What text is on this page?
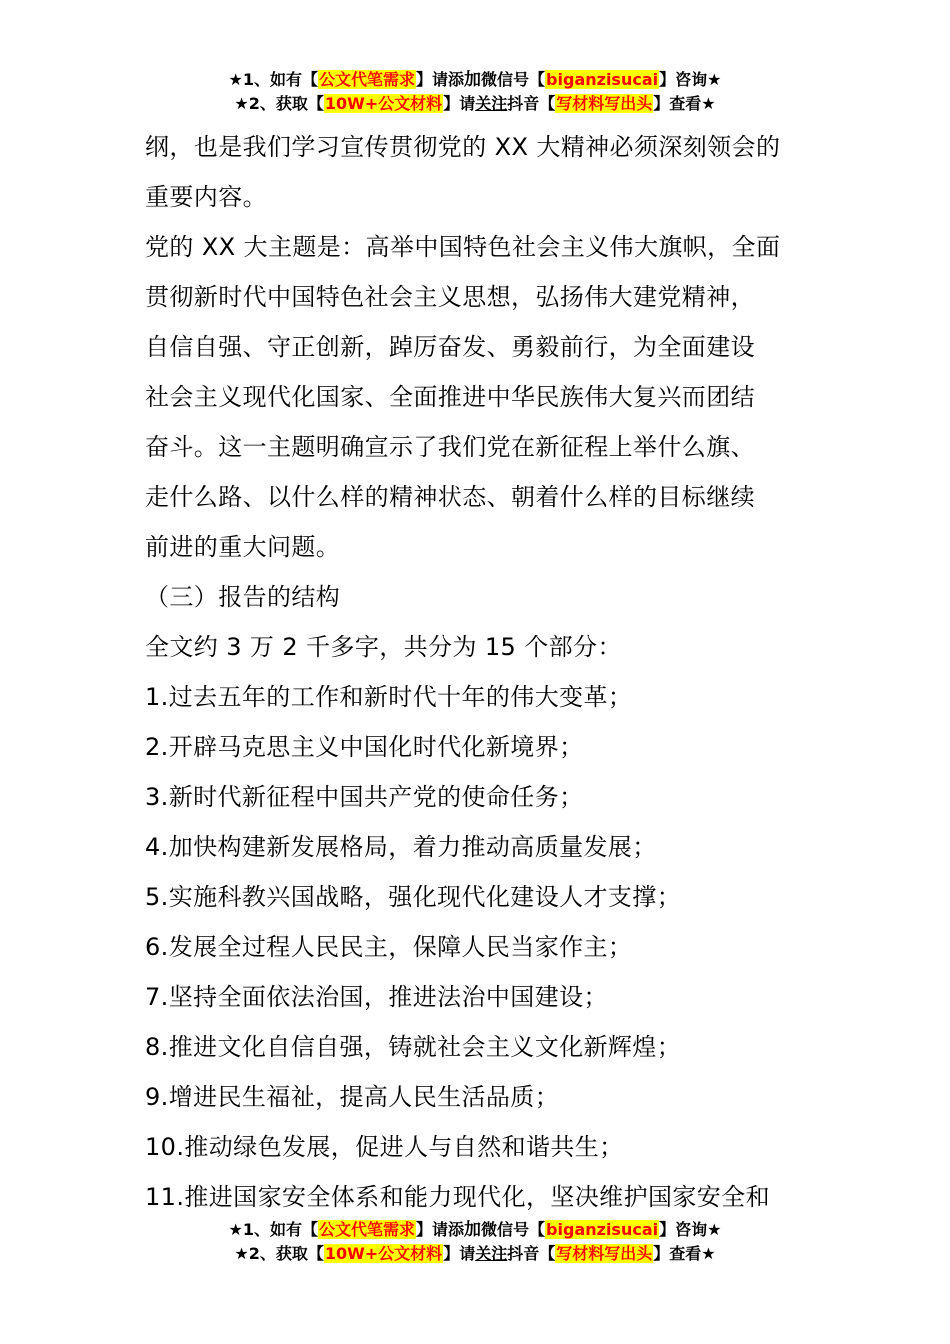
★1、如有【公文代笔需求】请添加微信号【biganzisucai】咨询★
★2、获取【10W+公文材料】请关注抖音【写材料写出头】查看★

纲，也是我们学习宣传贯彻党的 XX 大精神必须深刻领会的

重要内容。

党的 XX 大主题是：高举中国特色社会主义伟大旗帜，全面

贯彻新时代中国特色社会主义思想，弘扬伟大建党精神，

自信自强、守正创新，踔厉奋发、勇毅前行，为全面建设

社会主义现代化国家、全面推进中华民族伟大复兴而团结

奋斗。这一主题明确宣示了我们党在新征程上举什么旗、

走什么路、以什么样的精神状态、朝着什么样的目标继续

前进的重大问题。

（三）报告的结构

全文约 3 万 2 千多字，共分为 15 个部分：

1.过去五年的工作和新时代十年的伟大变革；

2.开辟马克思主义中国化时代化新境界；

3.新时代新征程中国共产党的使命任务；

4.加快构建新发展格局，着力推动高质量发展；

5.实施科教兴国战略，强化现代化建设人才支撑；

6.发展全过程人民民主，保障人民当家作主；

7.坚持全面依法治国，推进法治中国建设；

8.推进文化自信自强，铸就社会主义文化新辉煌；

9.增进民生福祉，提高人民生活品质；

10.推动绿色发展，促进人与自然和谐共生；

11.推进国家安全体系和能力现代化，坚决维护国家安全和

★1、如有【公文代笔需求】请添加微信号【biganzisucai】咨询★
★2、获取【10W+公文材料】请关注抖音【写材料写出头】查看★
